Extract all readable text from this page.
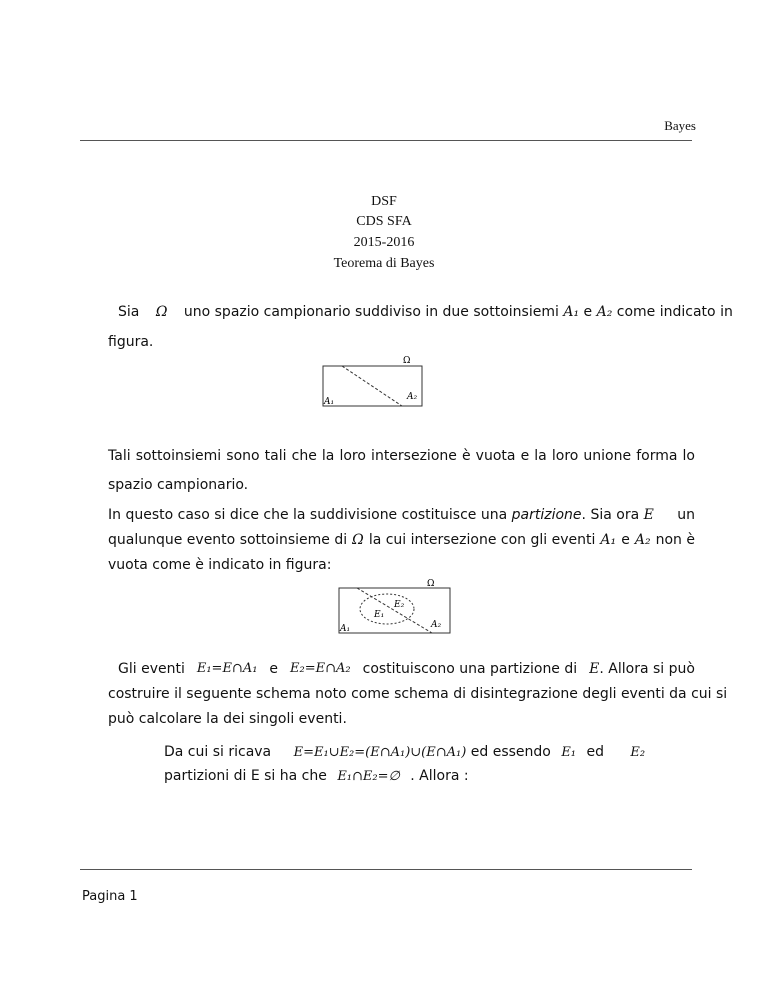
Bayes
DSF
CDS SFA
2015-2016
Teorema di Bayes
Sia Ω uno spazio campionario suddiviso in due sottoinsiemi A₁ e A₂ come indicato in
figura.
Ω
A₁	A₂
Tali sottoinsiemi sono tali che la loro intersezione è vuota e la loro unione forma lo spazio campionario.
In questo caso si dice che la suddivisione costituisce una partizione. Sia ora E un
qualunque evento sottoinsieme di Ω la cui intersezione con gli eventi A₁ e A₂ non è
vuota come è indicato in figura:
Ω
E₂
E₁
A₁	A₂
Gli eventi E₁=E∩A₁ e E₂=E∩A₂ costituiscono una partizione di E. Allora si può
costruire il seguente schema noto come schema di disintegrazione degli eventi da cui si
può calcolare la dei singoli eventi.
Da cui si ricava E=E₁∪E₂=(E∩A₁)∪(E∩A₁) ed essendo E₁ ed E₂
partizioni di E si ha che E₁∩E₂=∅ . Allora :
Pagina 1
